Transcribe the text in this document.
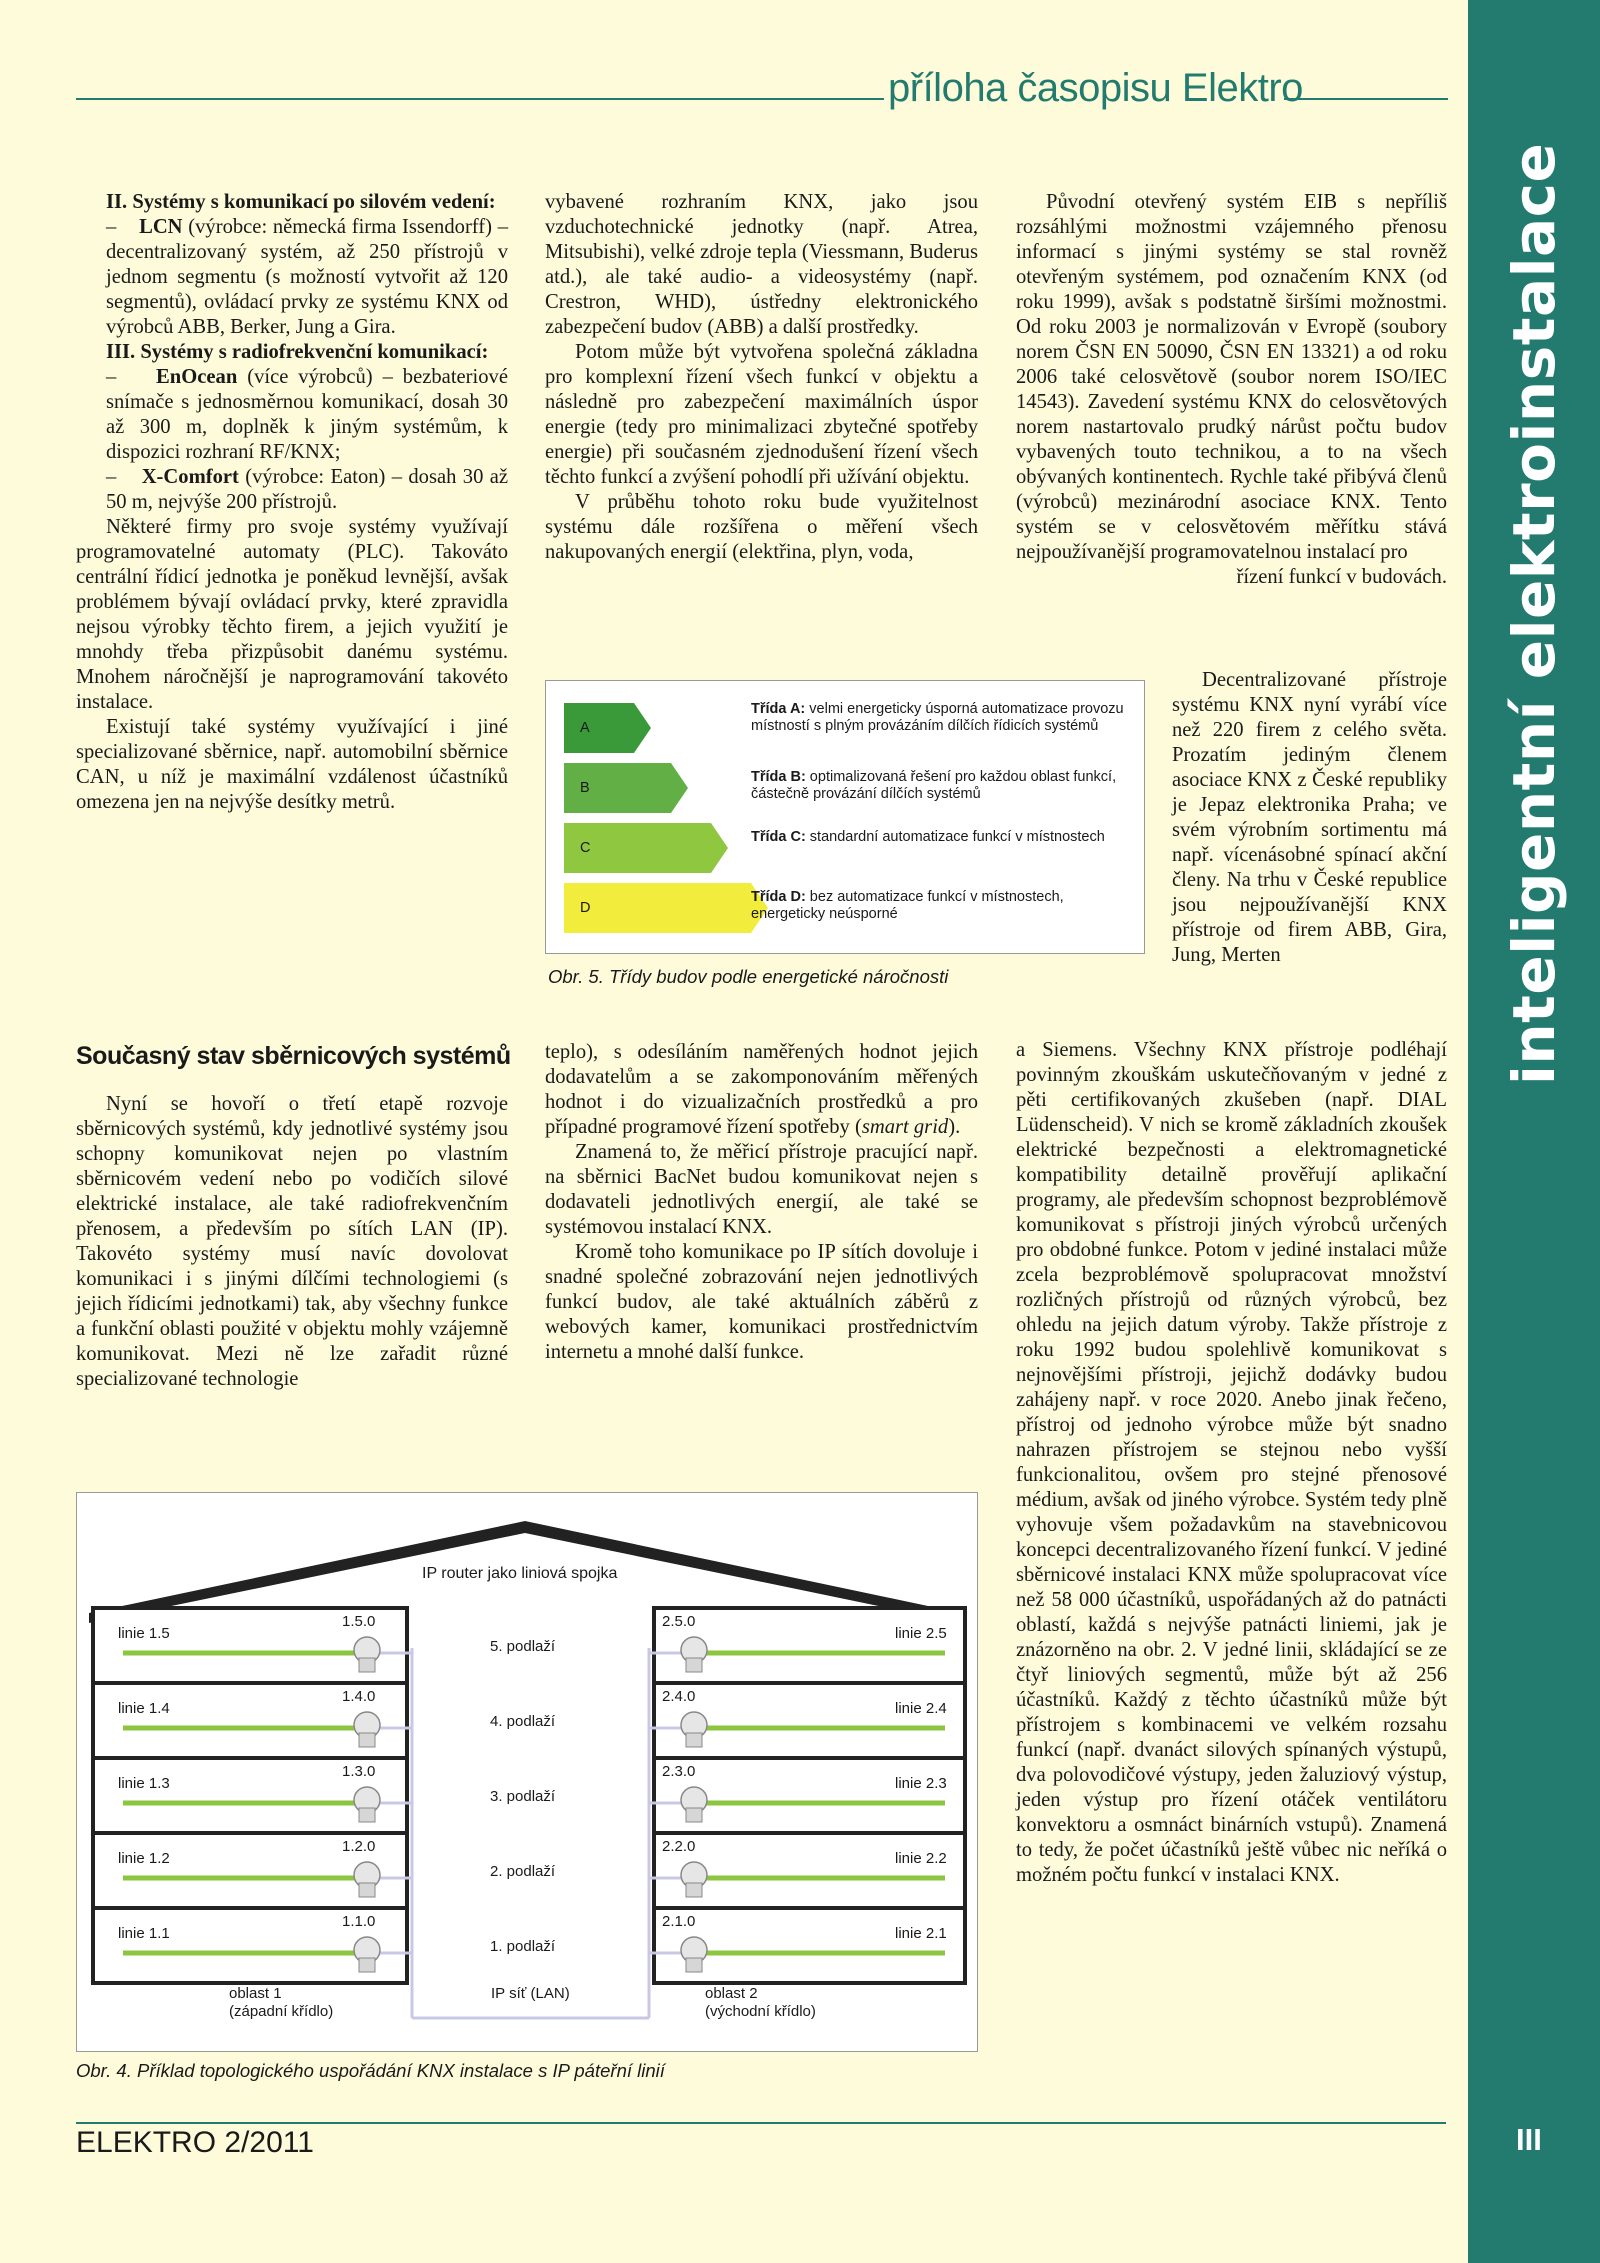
inteligentní elektroinstalace
III
příloha časopisu Elektro

II. Systémy s komunikací po silovém vedení:

–    LCN (výrobce: německá firma Issendorff) – decentralizovaný systém, až 250 přístrojů v jednom segmentu (s možností vytvořit až 120 segmentů), ovládací prvky ze systému KNX od výrobců ABB, Berker, Jung a Gira.

III. Systémy s radiofrekvenční komunikací:

–    EnOcean (více výrobců) – bezbateriové snímače s jednosměrnou komunikací, dosah 30 až 300 m, doplněk k jiným systémům, k dispozici rozhraní RF/KNX;

–    X-Comfort (výrobce: Eaton) – dosah 30 až 50 m, nejvýše 200 přístrojů.

Některé firmy pro svoje systémy využívají programovatelné automaty (PLC). Takováto centrální řídicí jednotka je poněkud levnější, avšak problémem bývají ovládací prvky, které zpravidla nejsou výrobky těchto firem, a jejich využití je mnohdy třeba přizpůsobit danému systému. Mnohem náročnější je naprogramování takovéto instalace.

Existují také systémy využívající i jiné specializované sběrnice, např. automobilní sběrnice CAN, u níž je maximální vzdálenost účastníků omezena jen na nejvýše desítky metrů.

Současný stav sběrnicových systémů

Nyní se hovoří o třetí etapě rozvoje sběrnicových systémů, kdy jednotlivé systémy jsou schopny komunikovat nejen po vlastním sběrnicovém vedení nebo po vodičích silové elektrické instalace, ale také radiofrekvenčním přenosem, a především po sítích LAN (IP). Takovéto systémy musí navíc dovolovat komunikaci i s jinými dílčími technologiemi (s jejich řídicími jednotkami) tak, aby všechny funkce a funkční oblasti použité v objektu mohly vzájemně komunikovat. Mezi ně lze zařadit různé specializované technologie

vybavené rozhraním KNX, jako jsou vzduchotechnické jednotky (např. Atrea, Mitsubishi), velké zdroje tepla (Viessmann, Buderus atd.), ale také audio- a videosystémy (např. Crestron, WHD), ústředny elektronického zabezpečení budov (ABB) a další prostředky.

Potom může být vytvořena společná základna pro komplexní řízení všech funkcí v objektu a následně pro zabezpečení maximálních úspor energie (tedy pro minimalizaci zbytečné spotřeby energie) při současném zjednodušení řízení všech těchto funkcí a zvýšení pohodlí při užívání objektu.

V průběhu tohoto roku bude využitelnost systému dále rozšířena o měření všech nakupovaných energií (elektřina, plyn, voda,

A
B
C
D
Třída A: velmi energeticky úsporná automatizace provozu místností s plným provázáním dílčích řídicích systémů
Třída B: optimalizovaná řešení pro každou oblast funkcí, částečně provázání dílčích systémů
Třída C: standardní automatizace funkcí v místnostech
Třída D: bez automatizace funkcí v místnostech, energeticky neúsporné
Obr. 5. Třídy budov podle energetické náročnosti

teplo), s odesíláním naměřených hodnot jejich dodavatelům a se zakomponováním měřených hodnot i do vizualizačních prostředků a pro případné programové řízení spotřeby (smart grid).

Znamená to, že měřicí přístroje pracující např. na sběrnici BacNet budou komunikovat nejen s dodavateli jednotlivých energií, ale také se systémovou instalací KNX.

Kromě toho komunikace po IP sítích dovoluje i snadné společné zobrazování nejen jednotlivých funkcí budov, ale také aktuálních záběrů z webových kamer, komunikaci prostřednictvím internetu a mnohé další funkce.

Původní otevřený systém EIB s nepříliš rozsáhlými možnostmi vzájemného přenosu informací s jinými systémy se stal rovněž otevřeným systémem, pod označením KNX (od roku 1999), avšak s podstatně širšími možnostmi. Od roku 2003 je normalizován v Evropě (soubory norem ČSN EN 50090, ČSN EN 13321) a od roku 2006 také celosvětově (soubor norem ISO/IEC 14543). Zavedení systému KNX do celosvětových norem nastartovalo prudký nárůst počtu budov vybavených touto technikou, a to na všech obývaných kontinentech. Rychle také přibývá členů (výrobců) mezinárodní asociace KNX. Tento systém se v celosvětovém měřítku stává nejpoužívanější programovatelnou instalací pro

řízení funkcí v budovách.

Decentralizované přístroje systému KNX nyní vyrábí více než 220 firem z celého světa. Prozatím jediným členem asociace KNX z České republiky je Jepaz elektronika Praha; ve svém výrobním sortimentu má např. vícenásobné spínací akční členy. Na trhu v České republice jsou nejpoužívanější KNX přístroje od firem ABB, Gira, Jung, Merten

a Siemens. Všechny KNX přístroje podléhají povinným zkouškám uskutečňovaným v jedné z pěti certifikovaných zkušeben (např. DIAL Lüdenscheid). V nich se kromě základních zkoušek elektrické bezpečnosti a elektromagnetické kompatibility detailně prověřují aplikační programy, ale především schopnost bezproblémově komunikovat s přístroji jiných výrobců určených pro obdobné funkce. Potom v jediné instalaci může zcela bezproblémově spolupracovat množství rozličných přístrojů od různých výrobců, bez ohledu na jejich datum výroby. Takže přístroje z roku 1992 budou spolehlivě komunikovat s nejnovějšími přístroji, jejichž dodávky budou zahájeny např. v roce 2020. Anebo jinak řečeno, přístroj od jednoho výrobce může být snadno nahrazen přístrojem se stejnou nebo vyšší funkcionalitou, ovšem pro stejné přenosové médium, avšak od jiného výrobce. Systém tedy plně vyhovuje všem požadavkům na stavebnicovou koncepci decentralizovaného řízení funkcí. V jediné sběrnicové instalaci KNX může spolupracovat více než 58 000 účastníků, uspořádaných až do patnácti oblastí, každá s nejvýše patnácti liniemi, jak je znázorněno na obr. 2. V jedné linii, skládající se ze čtyř liniových segmentů, může být až 256 účastníků. Každý z těchto účastníků může být přístrojem s kombinacemi ve velkém rozsahu funkcí (např. dvanáct silových spínaných výstupů, dva polovodičové výstupy, jeden žaluziový výstup, jeden výstup pro řízení otáček ventilátoru konvektoru a osmnáct binárních vstupů). Znamená to tedy, že počet účastníků ještě vůbec nic neříká o možném počtu funkcí v instalaci KNX.

IP router jako liniová spojka
linie 1.5
1.5.0	2.5.0
linie 2.5
5. podlaží
linie 1.4
1.4.0	2.4.0
linie 2.4
4. podlaží
linie 1.3
1.3.0	2.3.0
linie 2.3
3. podlaží
linie 1.2
1.2.0	2.2.0
linie 2.2
2. podlaží
linie 1.1
1.1.0	2.1.0
linie 2.1
1. podlaží
IP síť (LAN)
oblast 1
(západní křídlo)
oblast 2
(východní křídlo)
Obr. 4. Příklad topologického uspořádání KNX instalace s IP páteřní linií
ELEKTRO 2/2011
